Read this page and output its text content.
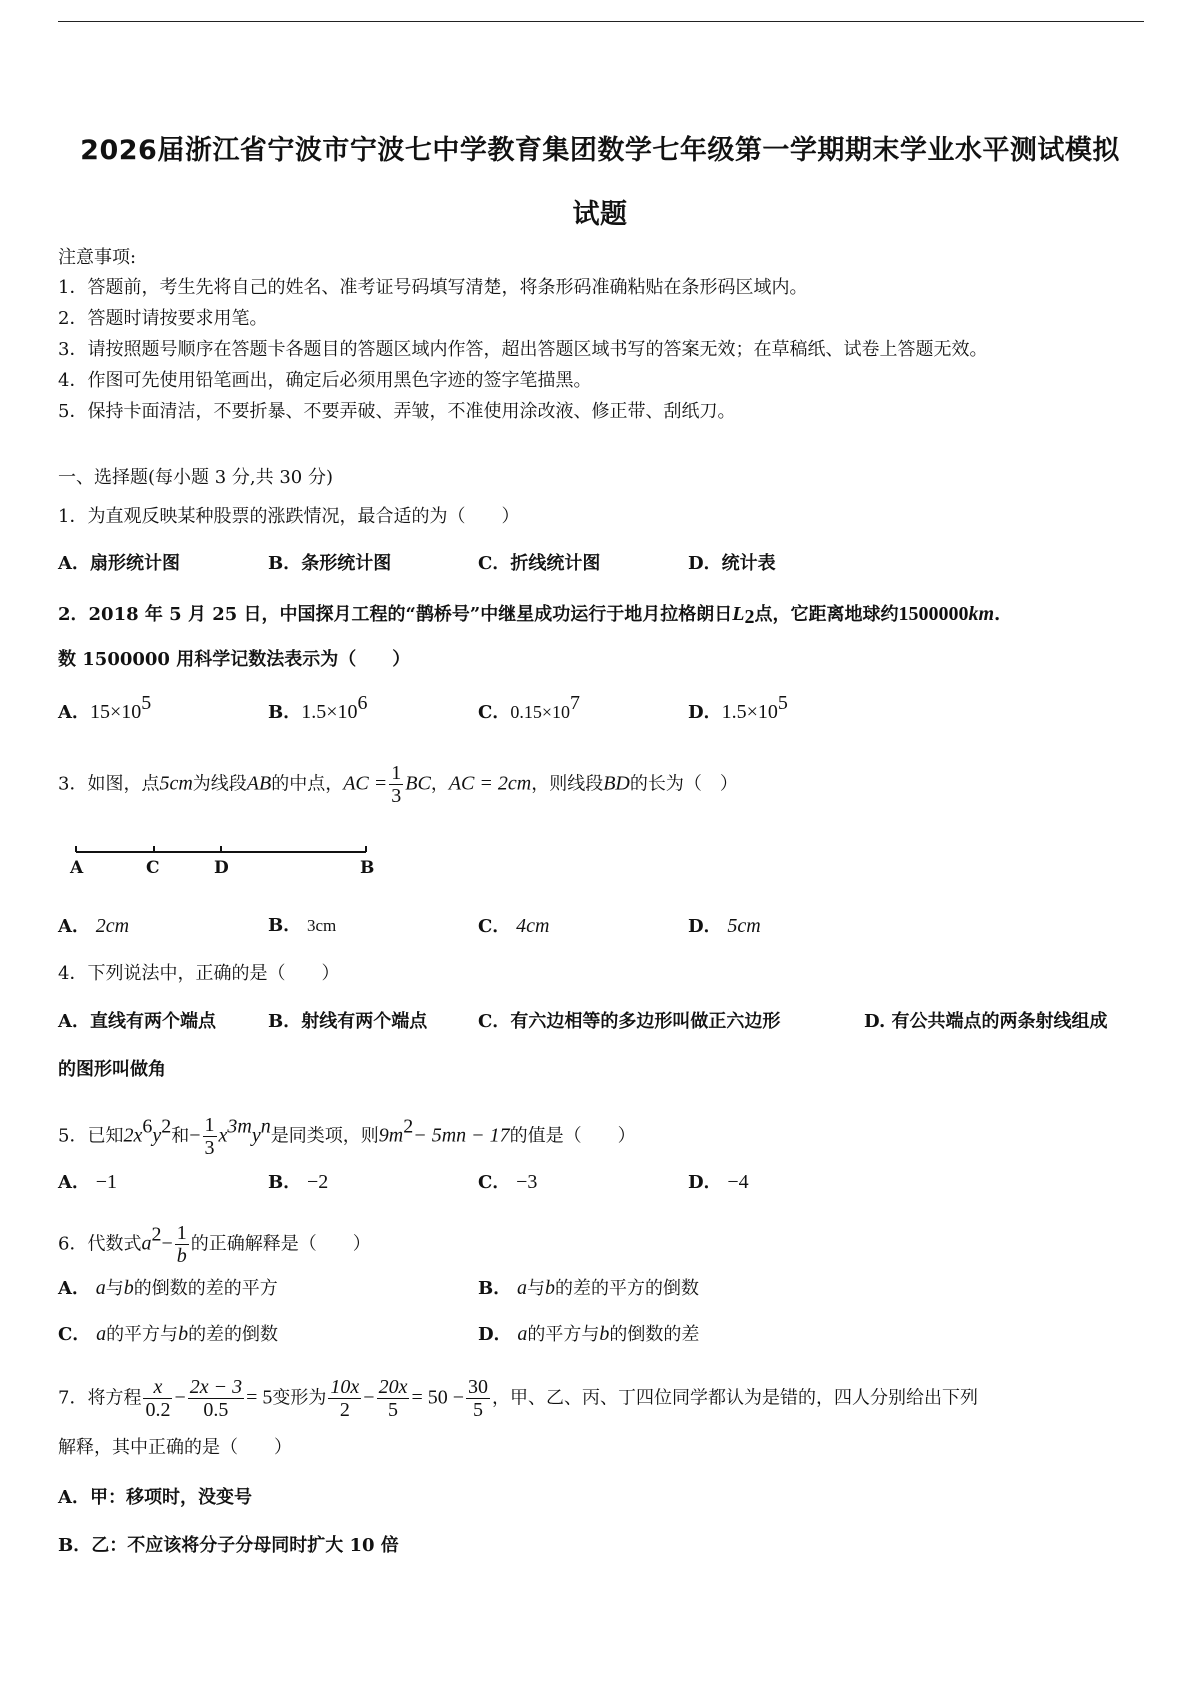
2026届浙江省宁波市宁波七中学教育集团数学七年级第一学期期末学业水平测试模拟
试题
注意事项:
1．答题前，考生先将自己的姓名、准考证号码填写清楚，将条形码准确粘贴在条形码区域内。
2．答题时请按要求用笔。
3．请按照题号顺序在答题卡各题目的答题区域内作答，超出答题区域书写的答案无效；在草稿纸、试卷上答题无效。
4．作图可先使用铅笔画出，确定后必须用黑色字迹的签字笔描黑。
5．保持卡面清洁，不要折暴、不要弄破、弄皱，不准使用涂改液、修正带、刮纸刀。
一、选择题(每小题 3 分,共 30 分)
1．为直观反映某种股票的涨跌情况，最合适的为（　　）
A．扇形统计图	B．条形统计图	C．折线统计图	D．统计表
2．2018 年 5 月 25 日，中国探月工程的“鹊桥号”中继星成功运行于地月拉格朗日$L_2$点，它距离地球约1500000km.
数 1500000 用科学记数法表示为（　　）
A．$15\times 10^5$	B．$1.5\times 10^6$	C．$0.15\times 10^7$	D．$1.5\times 10^5$
3．如图，点5cm为线段AB的中点，AC = $\frac{1}{3}$ BC，AC = 2cm，则线段BD的长为（　）
A	C	D	B
A． 2cm	B． 3cm	C． 4cm	D． 5cm
4．下列说法中，正确的是（　　）
A．直线有两个端点	B．射线有两个端点	C．有六边相等的多边形叫做正六边形	D. 有公共端点的两条射线组成
的图形叫做角
5．已知$2x^6y^2$和− $\frac{1}{3} x^{3m}y^n$是同类项，则$9m^2- 5mn - 17$的值是（　　）
A． −1	B． −2	C． −3	D． −4
6．代数式$a^2- \frac{1}{b}$ 的正确解释是（　　）
A． a与b的倒数的差的平方	B． a与b的差的平方的倒数
C． a的平方与b的差的倒数	D． a的平方与b的倒数的差
7．将方程 $\frac{x}{0.2} - \frac{2x - 3}{0.5} = 5$变形为 $\frac{10x}{2} - \frac{20x}{5} = 50 - \frac{30}{5}$ ，甲、乙、丙、丁四位同学都认为是错的，四人分别给出下列
解释，其中正确的是（　　）
A．甲：移项时，没变号
B．乙：不应该将分子分母同时扩大 10 倍
